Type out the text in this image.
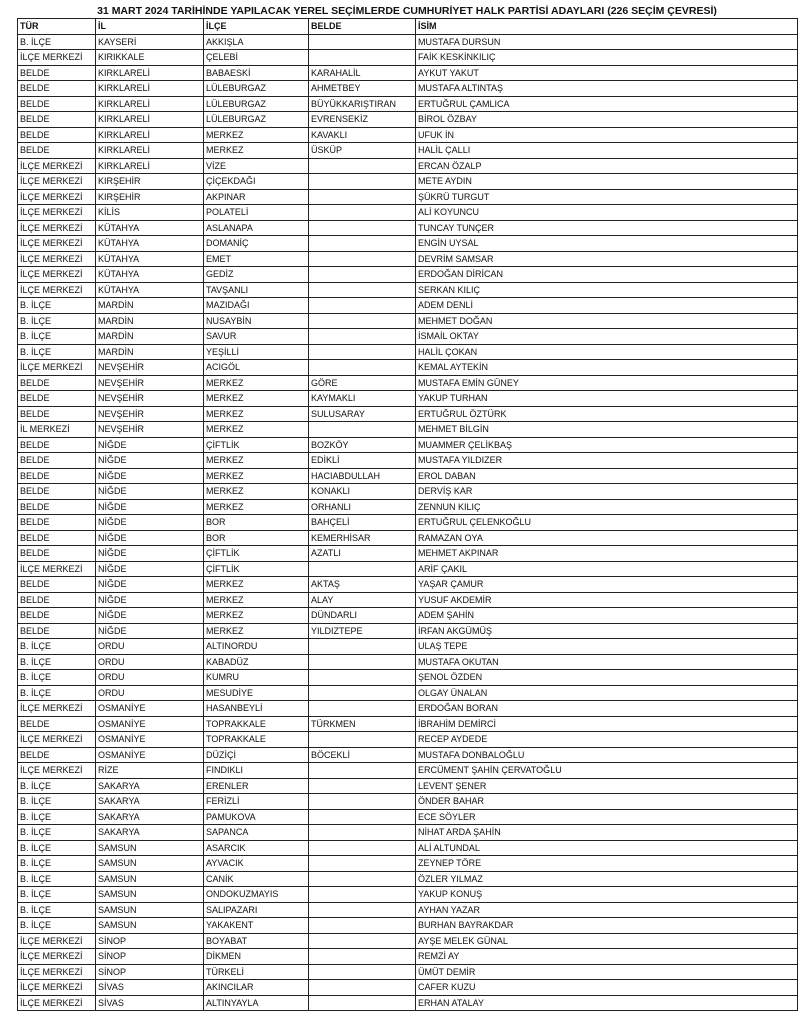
31 MART 2024 TARİHİNDE YAPILACAK YEREL SEÇİMLERDE CUMHURİYET HALK PARTİSİ ADAYLARI (226 SEÇİM ÇEVRESİ)
TÜR	İL	İLÇE	BELDE	İSİM
B. İLÇE	KAYSERİ	AKKIŞLA		MUSTAFA DURSUN
İLÇE MERKEZİ	KIRIKKALE	ÇELEBİ		FAİK KESKİNKILIÇ
BELDE	KIRKLARELİ	BABAESKİ	KARAHALİL	AYKUT YAKUT
BELDE	KIRKLARELİ	LÜLEBURGAZ	AHMETBEY	MUSTAFA ALTINTAŞ
BELDE	KIRKLARELİ	LÜLEBURGAZ	BÜYÜKKARIŞTIRAN	ERTUĞRUL ÇAMLICA
BELDE	KIRKLARELİ	LÜLEBURGAZ	EVRENSEKİZ	BİROL ÖZBAY
BELDE	KIRKLARELİ	MERKEZ	KAVAKLI	UFUK İN
BELDE	KIRKLARELİ	MERKEZ	ÜSKÜP	HALİL ÇALLI
İLÇE MERKEZİ	KIRKLARELİ	VİZE		ERCAN ÖZALP
İLÇE MERKEZİ	KIRŞEHİR	ÇİÇEKDAĞI		METE AYDIN
İLÇE MERKEZİ	KIRŞEHİR	AKPINAR		ŞÜKRÜ TURGUT
İLÇE MERKEZİ	KİLİS	POLATELİ		ALİ KOYUNCU
İLÇE MERKEZİ	KÜTAHYA	ASLANAPA		TUNCAY TUNÇER
İLÇE MERKEZİ	KÜTAHYA	DOMANİÇ		ENGİN UYSAL
İLÇE MERKEZİ	KÜTAHYA	EMET		DEVRİM SAMSAR
İLÇE MERKEZİ	KÜTAHYA	GEDİZ		ERDOĞAN DİRİCAN
İLÇE MERKEZİ	KÜTAHYA	TAVŞANLI		SERKAN KILIÇ
B. İLÇE	MARDİN	MAZIDAĞI		ADEM DENLİ
B. İLÇE	MARDİN	NUSAYBİN		MEHMET DOĞAN
B. İLÇE	MARDİN	SAVUR		İSMAİL OKTAY
B. İLÇE	MARDİN	YEŞİLLİ		HALİL ÇOKAN
İLÇE MERKEZİ	NEVŞEHİR	ACIGÖL		KEMAL AYTEKİN
BELDE	NEVŞEHİR	MERKEZ	GÖRE	MUSTAFA EMİN GÜNEY
BELDE	NEVŞEHİR	MERKEZ	KAYMAKLI	YAKUP TURHAN
BELDE	NEVŞEHİR	MERKEZ	SULUSARAY	ERTUĞRUL ÖZTÜRK
İL MERKEZİ	NEVŞEHİR	MERKEZ		MEHMET BİLGİN
BELDE	NİĞDE	ÇİFTLİK	BOZKÖY	MUAMMER ÇELİKBAŞ
BELDE	NİĞDE	MERKEZ	EDİKLİ	MUSTAFA YILDIZER
BELDE	NİĞDE	MERKEZ	HACIABDULLAH	EROL DABAN
BELDE	NİĞDE	MERKEZ	KONAKLI	DERVİŞ KAR
BELDE	NİĞDE	MERKEZ	ORHANLI	ZENNUN KILIÇ
BELDE	NİĞDE	BOR	BAHÇELİ	ERTUĞRUL ÇELENKOĞLU
BELDE	NİĞDE	BOR	KEMERHİSAR	RAMAZAN OYA
BELDE	NİĞDE	ÇİFTLİK	AZATLI	MEHMET AKPINAR
İLÇE MERKEZİ	NİĞDE	ÇİFTLİK		ARİF ÇAKIL
BELDE	NİĞDE	MERKEZ	AKTAŞ	YAŞAR ÇAMUR
BELDE	NİĞDE	MERKEZ	ALAY	YUSUF AKDEMİR
BELDE	NİĞDE	MERKEZ	DÜNDARLI	ADEM ŞAHİN
BELDE	NİĞDE	MERKEZ	YILDIZTEPE	İRFAN AKGÜMÜŞ
B. İLÇE	ORDU	ALTINORDU		ULAŞ TEPE
B. İLÇE	ORDU	KABADÜZ		MUSTAFA OKUTAN
B. İLÇE	ORDU	KUMRU		ŞENOL ÖZDEN
B. İLÇE	ORDU	MESUDİYE		OLGAY ÜNALAN
İLÇE MERKEZİ	OSMANİYE	HASANBEYLİ		ERDOĞAN BORAN
BELDE	OSMANİYE	TOPRAKKALE	TÜRKMEN	İBRAHİM DEMİRCİ
İLÇE MERKEZİ	OSMANİYE	TOPRAKKALE		RECEP AYDEDE
BELDE	OSMANİYE	DÜZİÇİ	BÖCEKLİ	MUSTAFA DONBALOĞLU
İLÇE MERKEZİ	RİZE	FINDIKLI		ERCÜMENT ŞAHİN ÇERVATOĞLU
B. İLÇE	SAKARYA	ERENLER		LEVENT ŞENER
B. İLÇE	SAKARYA	FERİZLİ		ÖNDER BAHAR
B. İLÇE	SAKARYA	PAMUKOVA		ECE SÖYLER
B. İLÇE	SAKARYA	SAPANCA		NİHAT ARDA ŞAHİN
B. İLÇE	SAMSUN	ASARCIK		ALİ ALTUNDAL
B. İLÇE	SAMSUN	AYVACIK		ZEYNEP TÖRE
B. İLÇE	SAMSUN	CANİK		ÖZLER YILMAZ
B. İLÇE	SAMSUN	ONDOKUZMAYIS		YAKUP KONUŞ
B. İLÇE	SAMSUN	SALIPAZARI		AYHAN YAZAR
B. İLÇE	SAMSUN	YAKAKENT		BURHAN BAYRAKDAR
İLÇE MERKEZİ	SİNOP	BOYABAT		AYŞE MELEK GÜNAL
İLÇE MERKEZİ	SİNOP	DİKMEN		REMZİ AY
İLÇE MERKEZİ	SİNOP	TÜRKELİ		ÜMÜT DEMİR
İLÇE MERKEZİ	SİVAS	AKINCILAR		CAFER KUZU
İLÇE MERKEZİ	SİVAS	ALTINYAYLA		ERHAN ATALAY
